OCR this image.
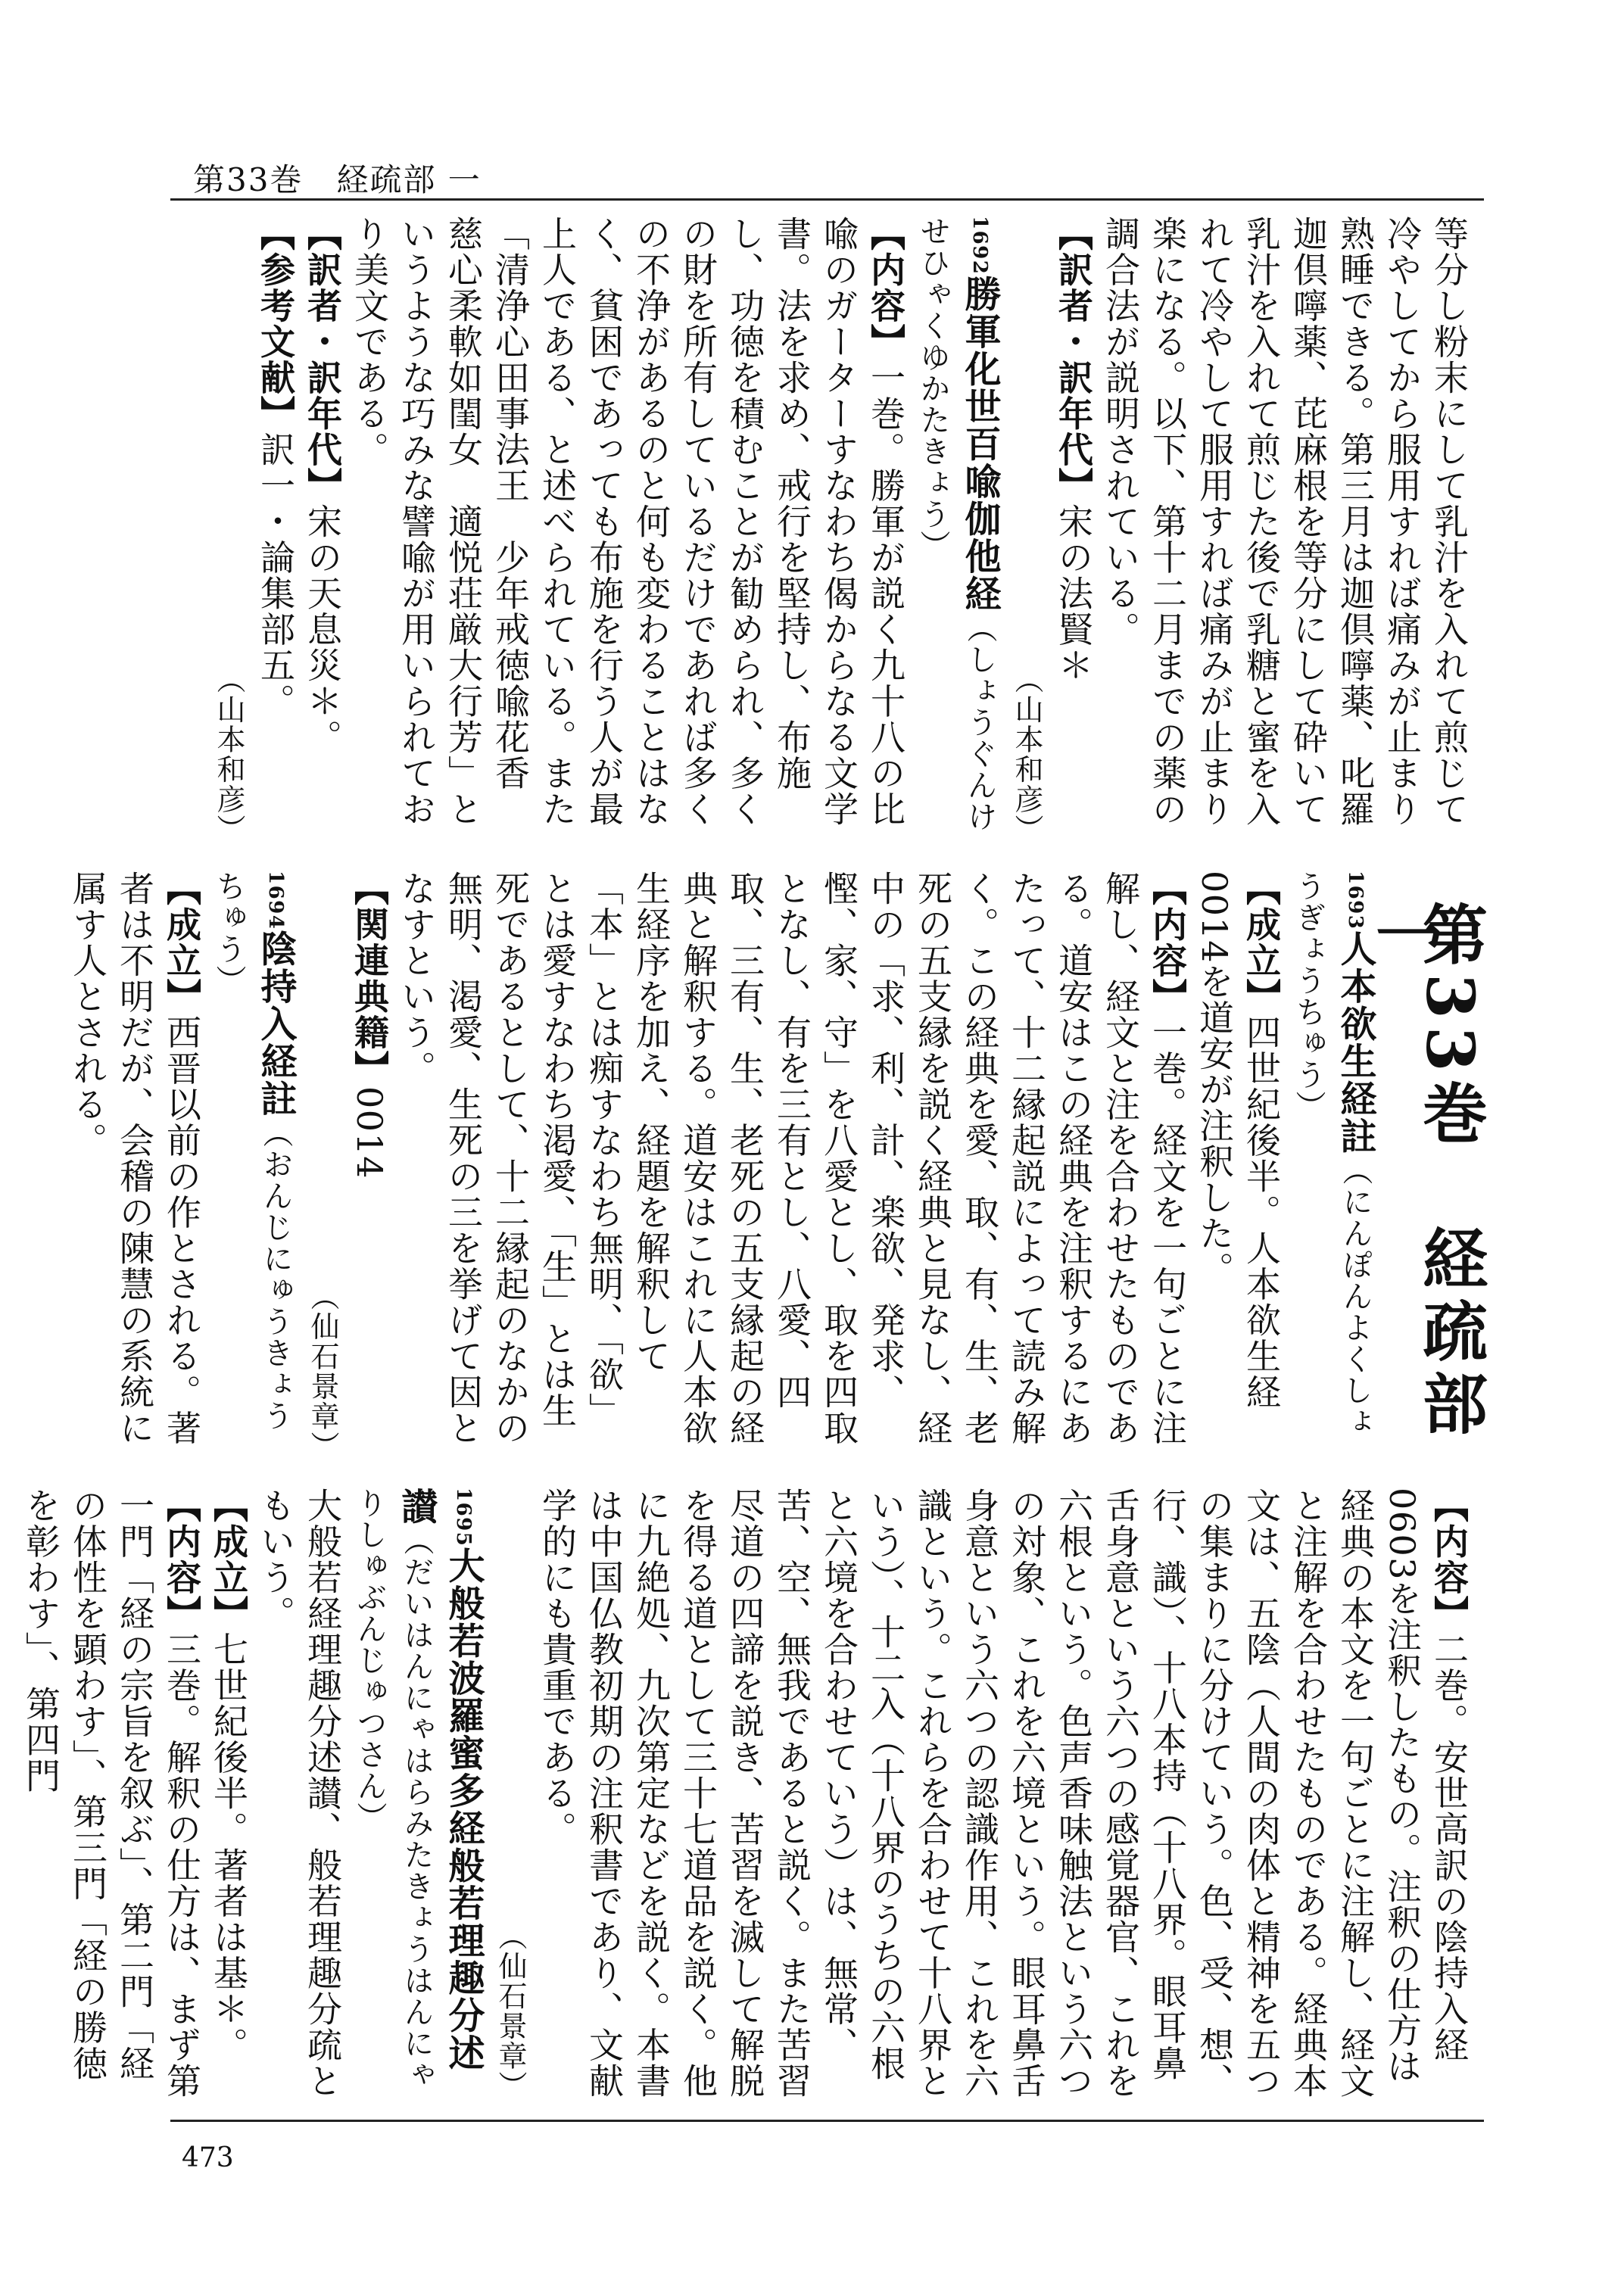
第33巻　経疏部 一
等分し粉末にして乳汁を入れて煎じて冷やしてから服用すれば痛みが止まり熟睡できる。第三月は迦倶嚀薬、叱羅迦倶嚀薬、芘麻根を等分にして砕いて乳汁を入れて煎じた後で乳糖と蜜を入れて冷やして服用すれば痛みが止まり楽になる。以下、第十二月までの薬の調合法が説明されている。
【訳者・訳年代】宋の法賢＊
（山本和彦）
1692勝軍化世百喩伽他経（しょうぐんけせひゃくゆかたきょう）
【内容】一巻。勝軍が説く九十八の比喩のガーターすなわち偈からなる文学書。法を求め、戒行を堅持し、布施し、功徳を積むことが勧められ、多くの財を所有しているだけであれば多くの不浄があるのと何も変わることはなく、貧困であっても布施を行う人が最上人である、と述べられている。また「清浄心田事法王　少年戒徳喩花香　慈心柔軟如閨女　適悦荘厳大行芳」というような巧みな譬喩が用いられており美文である。
【訳者・訳年代】宋の天息災＊。
【参考文献】訳一・論集部五。
（山本和彦）
第33巻　経疏部 一
1693人本欲生経註（にんぽんよくしょうぎょうちゅう）
【成立】四世紀後半。人本欲生経0014を道安が注釈した。
【内容】一巻。経文を一句ごとに注解し、経文と注を合わせたものである。道安はこの経典を注釈するにあたって、十二縁起説によって読み解く。この経典を愛、取、有、生、老死の五支縁を説く経典と見なし、経中の「求、利、計、楽欲、発求、慳、家、守」を八愛とし、取を四取となし、有を三有とし、八愛、四取、三有、生、老死の五支縁起の経典と解釈する。道安はこれに人本欲生経序を加え、経題を解釈して「本」とは痴すなわち無明、「欲」とは愛すなわち渇愛、「生」とは生死であるとして、十二縁起のなかの無明、渇愛、生死の三を挙げて因となすという。
【関連典籍】0014
（仙石景章）
1694陰持入経註（おんじにゅうきょうちゅう）
【成立】西晋以前の作とされる。著者は不明だが、会稽の陳慧の系統に属す人とされる。
【内容】二巻。安世高訳の陰持入経0603を注釈したもの。注釈の仕方は経典の本文を一句ごとに注解し、経文と注解を合わせたものである。経典本文は、五陰（人間の肉体と精神を五つの集まりに分けていう。色、受、想、行、識）、十八本持（十八界。眼耳鼻舌身意という六つの感覚器官、これを六根という。色声香味触法という六つの対象、これを六境という。眼耳鼻舌身意という六つの認識作用、これを六識という。これらを合わせて十八界という）、十二入（十八界のうちの六根と六境を合わせていう）は、無常、苦、空、無我であると説く。また苦習尽道の四諦を説き、苦習を滅して解脱を得る道として三十七道品を説く。他に九絶処、九次第定などを説く。本書は中国仏教初期の注釈書であり、文献学的にも貴重である。
（仙石景章）
1695大般若波羅蜜多経般若理趣分述讃（だいはんにゃはらみたきょうはんにゃりしゅぶんじゅつさん）
大般若経理趣分述讃、般若理趣分疏ともいう。
【成立】七世紀後半。著者は基＊。
【内容】三巻。解釈の仕方は、まず第一門「経の宗旨を叙ぶ」、第二門「経の体性を顕わす」、第三門「経の勝徳を彰わす」、第四門
473
